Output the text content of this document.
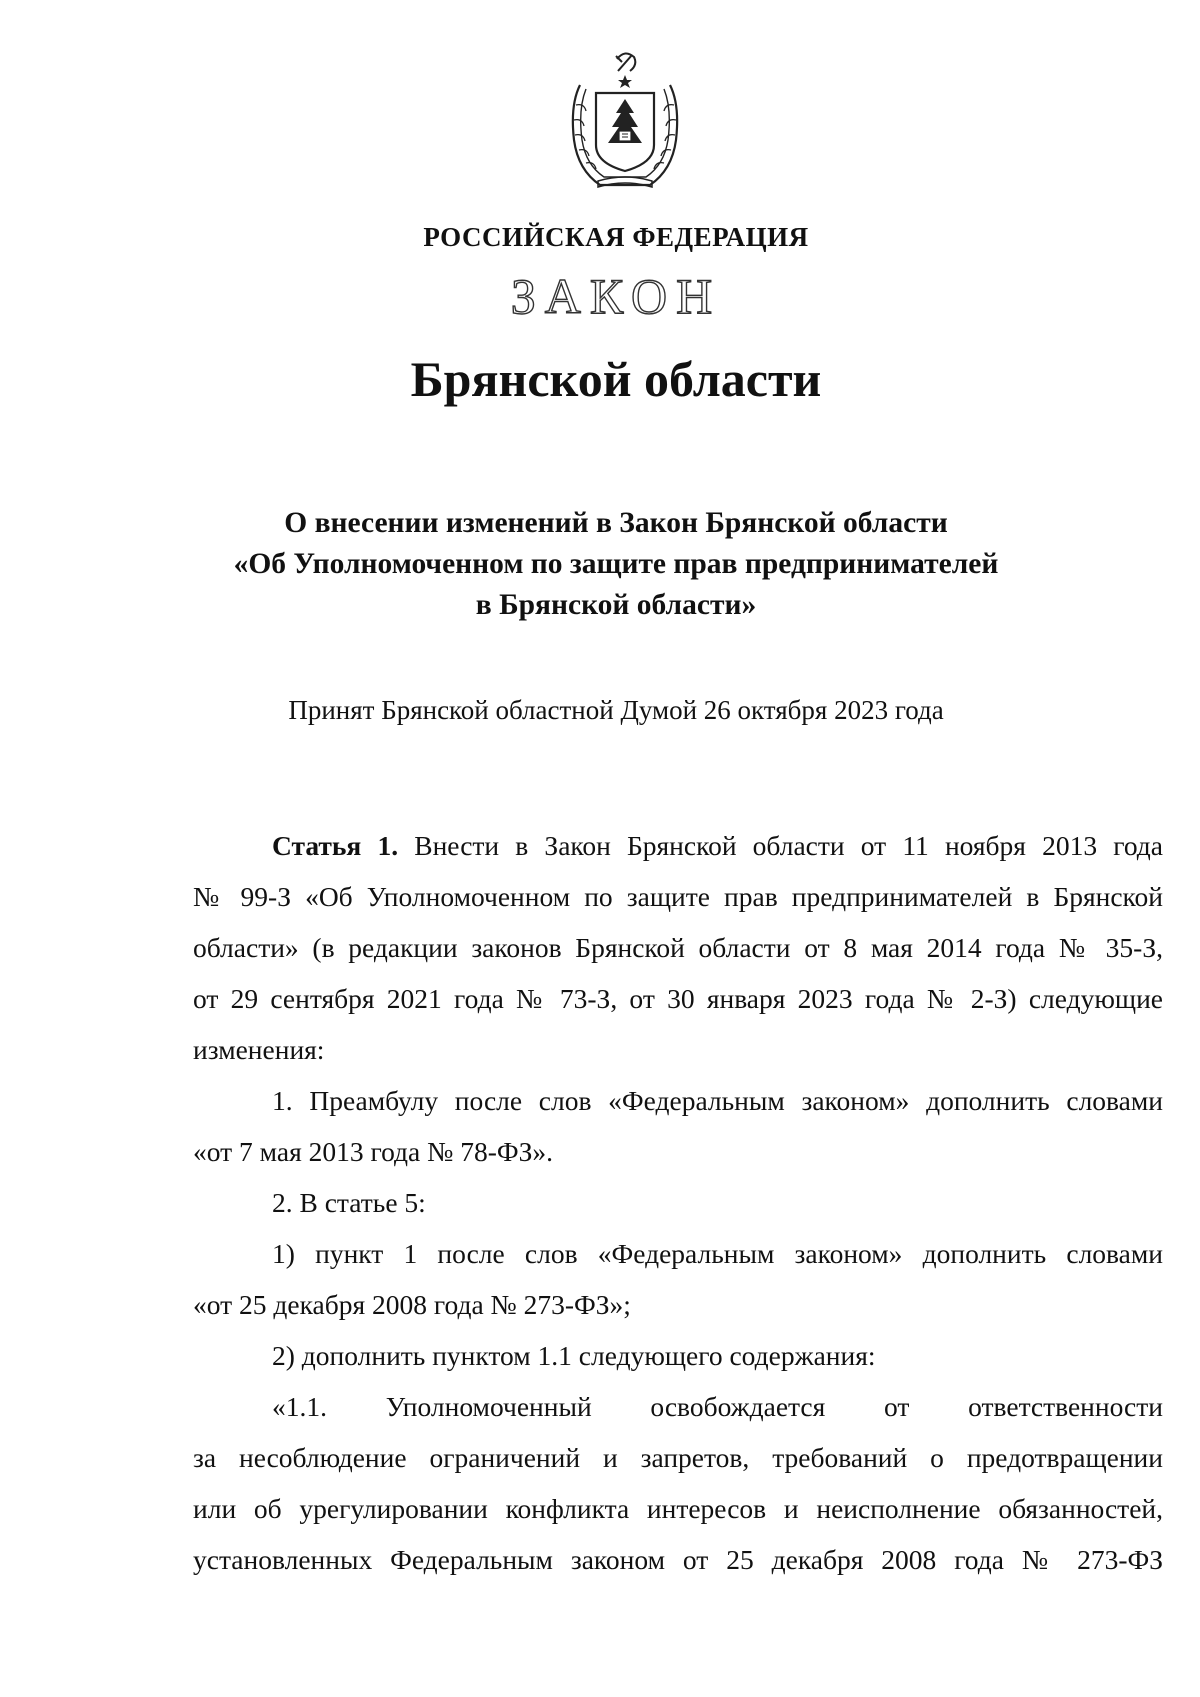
РОССИЙСКАЯ ФЕДЕРАЦИЯ
ЗАКОН
Брянской области
О внесении изменений в Закон Брянской области
«Об Уполномоченном по защите прав предпринимателей
в Брянской области»
Принят Брянской областной Думой 26 октября 2023 года
Статья 1. Внести в Закон Брянской области от 11 ноября 2013 года
№ 99-З «Об Уполномоченном по защите прав предпринимателей в Брянской
области» (в редакции законов Брянской области от 8 мая 2014 года № 35-З,
от 29 сентября 2021 года № 73-З, от 30 января 2023 года № 2-З) следующие
изменения:
1. Преамбулу после слов «Федеральным законом» дополнить словами
«от 7 мая 2013 года № 78-ФЗ».
2. В статье 5:
1) пункт 1 после слов «Федеральным законом» дополнить словами
«от 25 декабря 2008 года № 273-ФЗ»;
2) дополнить пунктом 1.1 следующего содержания:
«1.1. Уполномоченный освобождается от ответственности
за несоблюдение ограничений и запретов, требований о предотвращении
или об урегулировании конфликта интересов и неисполнение обязанностей,
установленных Федеральным законом от 25 декабря 2008 года № 273-ФЗ
